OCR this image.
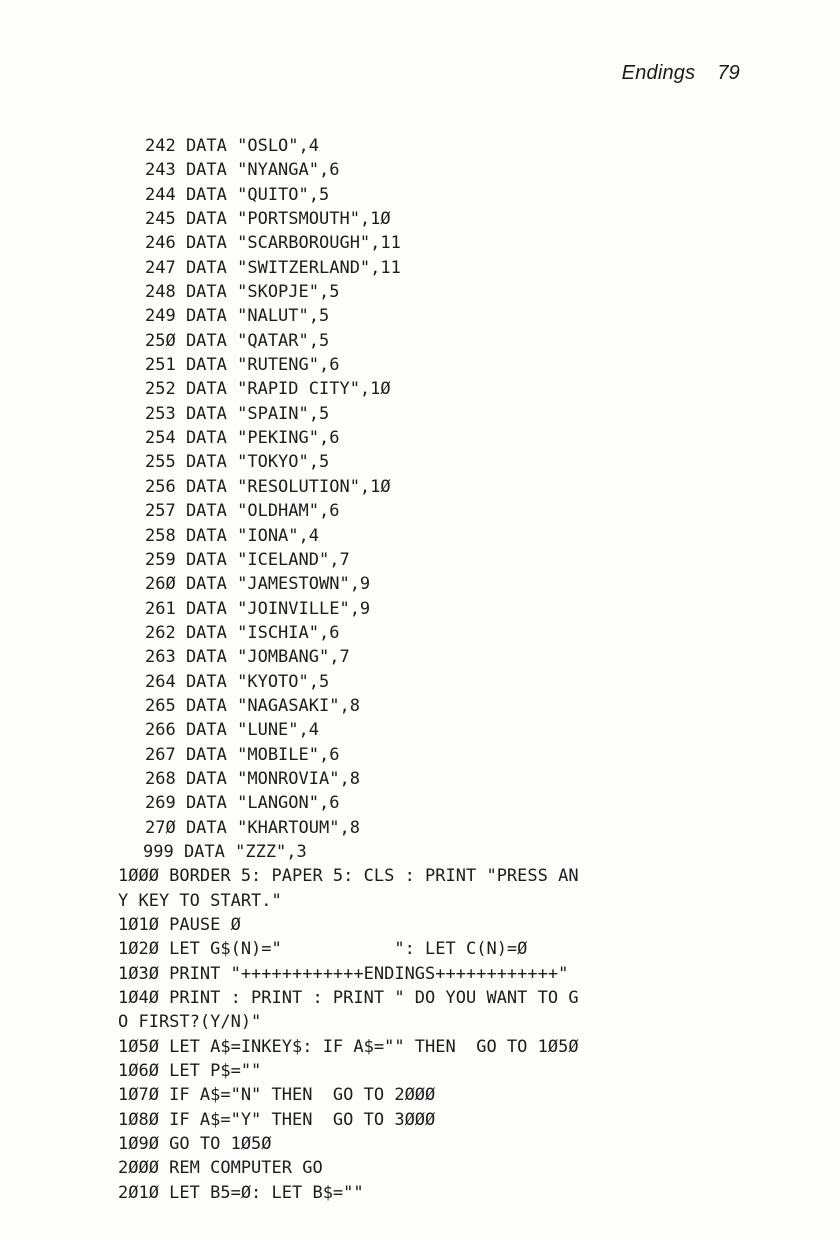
Endings 79
242 DATA "OSLO",4
243 DATA "NYANGA",6
244 DATA "QUITO",5
245 DATA "PORTSMOUTH",1Ø
246 DATA "SCARBOROUGH",11
247 DATA "SWITZERLAND",11
248 DATA "SKOPJE",5
249 DATA "NALUT",5
25Ø DATA "QATAR",5
251 DATA "RUTENG",6
252 DATA "RAPID CITY",1Ø
253 DATA "SPAIN",5
254 DATA "PEKING",6
255 DATA "TOKYO",5
256 DATA "RESOLUTION",1Ø
257 DATA "OLDHAM",6
258 DATA "IONA",4
259 DATA "ICELAND",7
26Ø DATA "JAMESTOWN",9
261 DATA "JOINVILLE",9
262 DATA "ISCHIA",6
263 DATA "JOMBANG",7
264 DATA "KYOTO",5
265 DATA "NAGASAKI",8
266 DATA "LUNE",4
267 DATA "MOBILE",6
268 DATA "MONROVIA",8
269 DATA "LANGON",6
27Ø DATA "KHARTOUM",8
999 DATA "ZZZ",3
1ØØØ BORDER 5: PAPER 5: CLS : PRINT "PRESS AN
Y KEY TO START."
1Ø1Ø PAUSE Ø
1Ø2Ø LET G$(N)="           ": LET C(N)=Ø
1Ø3Ø PRINT "++++++++++++ENDINGS++++++++++++"
1Ø4Ø PRINT : PRINT : PRINT " DO YOU WANT TO G
O FIRST?(Y/N)"
1Ø5Ø LET A$=INKEY$: IF A$="" THEN  GO TO 1Ø5Ø
1Ø6Ø LET P$=""
1Ø7Ø IF A$="N" THEN  GO TO 2ØØØ
1Ø8Ø IF A$="Y" THEN  GO TO 3ØØØ
1Ø9Ø GO TO 1Ø5Ø
2ØØØ REM COMPUTER GO
2Ø1Ø LET B5=Ø: LET B$=""
